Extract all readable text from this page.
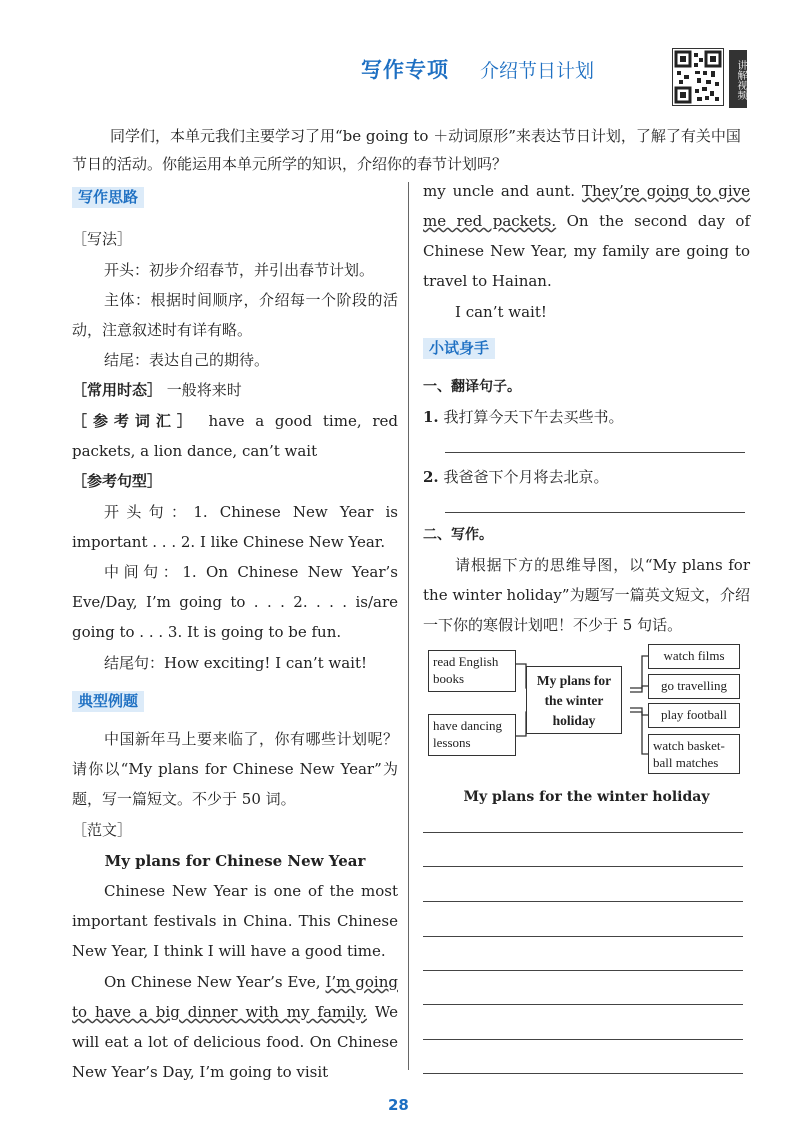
写作专项 介绍节日计划	讲解视频
同学们，本单元我们主要学习了用“be going to ＋动词原形”来表达节日计划，了解了有关中国节日的活动。你能运用本单元所学的知识，介绍你的春节计划吗？
写作思路
［写法］
开头：初步介绍春节，并引出春节计划。
主体：根据时间顺序，介绍每一个阶段的活动，注意叙述时有详有略。
结尾：表达自己的期待。
［常用时态］ 一般将来时
［参考词汇］ have a good time, red packets, a lion dance, can’t wait
［参考句型］
开头句：1. Chinese New Year is important . . . 2. I like Chinese New Year.
中间句：1. On Chinese New Year’s Eve/Day, I’m going to . . . 2. . . . is/are going to . . . 3. It is going to be fun.
结尾句：How exciting! I can’t wait!
典型例题
中国新年马上要来临了，你有哪些计划呢？请你以“My plans for Chinese New Year”为题，写一篇短文。不少于 50 词。
［范文］
My plans for Chinese New Year
Chinese New Year is one of the most important festivals in China. This Chinese New Year, I think I will have a good time.
On Chinese New Year’s Eve, I’m going to have a big dinner with my family. We will eat a lot of delicious food. On Chinese New Year’s Day, I’m going to visit
my uncle and aunt. They’re going to give me red packets. On the second day of Chinese New Year, my family are going to travel to Hainan.
I can’t wait!
小试身手
一、翻译句子。
1. 我打算今天下午去买些书。
2. 我爸爸下个月将去北京。
二、写作。
请根据下方的思维导图，以“My plans for the winter holiday”为题写一篇英文短文，介绍一下你的寒假计划吧！不少于 5 句话。
read English books
have dancing lessons
My plans for the winter holiday
watch films
go travelling
play football
watch basket-ball matches
My plans for the winter holiday
28
